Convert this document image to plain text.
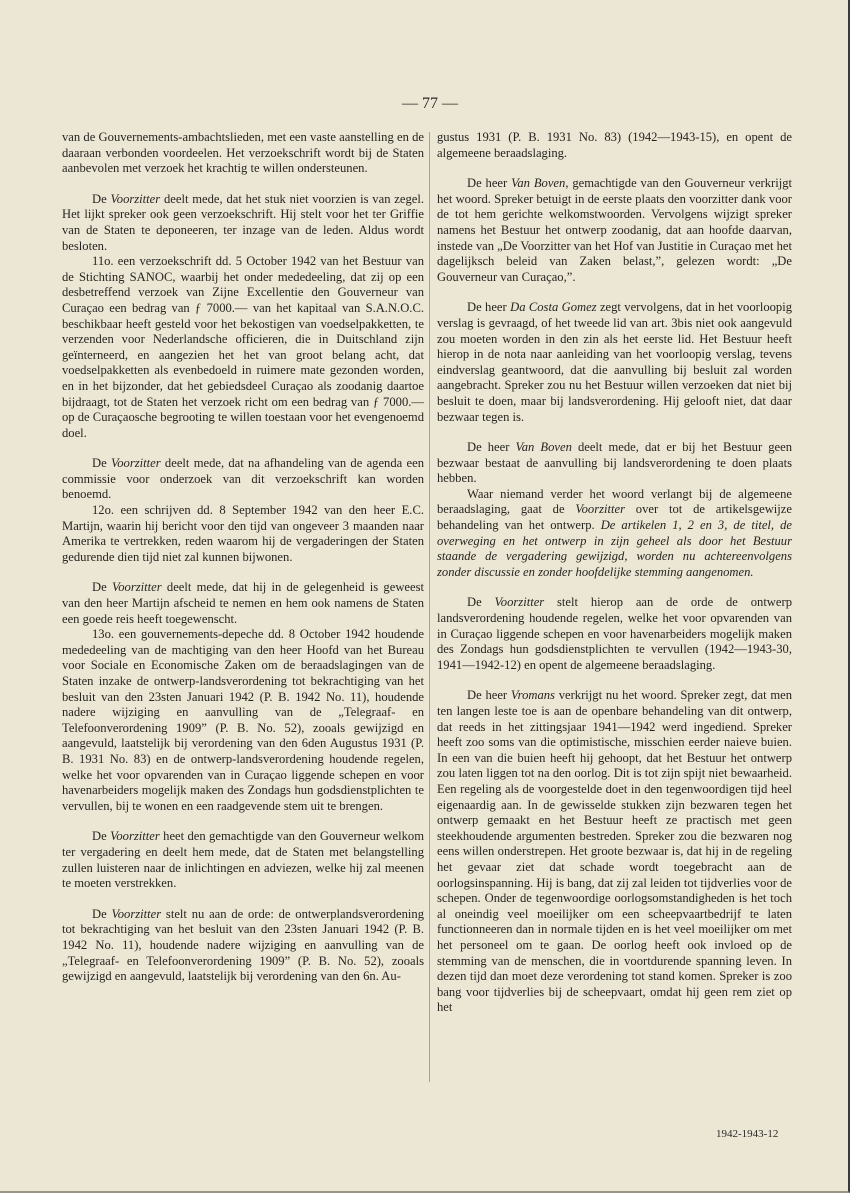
— 77 —

van de Gouvernements-ambachtslieden, met een vaste aanstelling en de daaraan verbonden voordeelen. Het verzoekschrift wordt bij de Staten aanbevolen met verzoek het krachtig te willen ondersteunen.

De Voorzitter deelt mede, dat het stuk niet voorzien is van zegel. Het lijkt spreker ook geen verzoekschrift. Hij stelt voor het ter Griffie van de Staten te deponeeren, ter inzage van de leden. Aldus wordt besloten.

11o. een verzoekschrift dd. 5 October 1942 van het Bestuur van de Stichting SANOC, waarbij het onder mededeeling, dat zij op een desbetreffend verzoek van Zijne Excellentie den Gouverneur van Curaçao een bedrag van ƒ 7000.— van het kapitaal van S.A.N.O.C. beschikbaar heeft gesteld voor het bekostigen van voedselpakketten, te verzenden voor Nederlandsche officieren, die in Duitschland zijn geïnterneerd, en aangezien het het van groot belang acht, dat voedselpakketten als evenbedoeld in ruimere mate gezonden worden, en in het bijzonder, dat het gebiedsdeel Curaçao als zoodanig daartoe bijdraagt, tot de Staten het verzoek richt om een bedrag van ƒ 7000.— op de Curaçaosche begrooting te willen toestaan voor het evengenoemd doel.

De Voorzitter deelt mede, dat na afhandeling van de agenda een commissie voor onderzoek van dit verzoekschrift kan worden benoemd.

12o. een schrijven dd. 8 September 1942 van den heer E.C. Martijn, waarin hij bericht voor den tijd van ongeveer 3 maanden naar Amerika te vertrekken, reden waarom hij de vergaderingen der Staten gedurende dien tijd niet zal kunnen bijwonen.

De Voorzitter deelt mede, dat hij in de gelegenheid is geweest van den heer Martijn afscheid te nemen en hem ook namens de Staten een goede reis heeft toegewenscht.

13o. een gouvernements-depeche dd. 8 October 1942 houdende mededeeling van de machtiging van den heer Hoofd van het Bureau voor Sociale en Economische Zaken om de beraadslagingen van de Staten inzake de ontwerp-landsverordening tot bekrachtiging van het besluit van den 23sten Januari 1942 (P. B. 1942 No. 11), houdende nadere wijziging en aanvulling van de „Telegraaf- en Telefoonverordening 1909” (P. B. No. 52), zooals gewijzigd en aangevuld, laatstelijk bij verordening van den 6den Augustus 1931 (P. B. 1931 No. 83) en de ontwerp-landsverordening houdende regelen, welke het voor opvarenden van in Curaçao liggende schepen en voor havenarbeiders mogelijk maken des Zondags hun godsdienstplichten te vervullen, bij te wonen en een raadgevende stem uit te brengen.

De Voorzitter heet den gemachtigde van den Gouverneur welkom ter vergadering en deelt hem mede, dat de Staten met belangstelling zullen luisteren naar de inlichtingen en adviezen, welke hij zal meenen te moeten verstrekken.

De Voorzitter stelt nu aan de orde: de ontwerplandsverordening tot bekrachtiging van het besluit van den 23sten Januari 1942 (P. B. 1942 No. 11), houdende nadere wijziging en aanvulling van de „Telegraaf- en Telefoonverordening 1909” (P. B. No. 52), zooals gewijzigd en aangevuld, laatstelijk bij verordening van den 6n. Au-

gustus 1931 (P. B. 1931 No. 83) (1942—1943-15), en opent de algemeene beraadslaging.

De heer Van Boven, gemachtigde van den Gouverneur verkrijgt het woord. Spreker betuigt in de eerste plaats den voorzitter dank voor de tot hem gerichte welkomstwoorden. Vervolgens wijzigt spreker namens het Bestuur het ontwerp zoodanig, dat aan hoofde daarvan, instede van „De Voorzitter van het Hof van Justitie in Curaçao met het dagelijksch beleid van Zaken belast,”, gelezen wordt: „De Gouverneur van Curaçao,”.

De heer Da Costa Gomez zegt vervolgens, dat in het voorloopig verslag is gevraagd, of het tweede lid van art. 3bis niet ook aangevuld zou moeten worden in den zin als het eerste lid. Het Bestuur heeft hierop in de nota naar aanleiding van het voorloopig verslag, tevens eindverslag geantwoord, dat die aanvulling bij besluit zal worden aangebracht. Spreker zou nu het Bestuur willen verzoeken dat niet bij besluit te doen, maar bij landsverordening. Hij gelooft niet, dat daar bezwaar tegen is.

De heer Van Boven deelt mede, dat er bij het Bestuur geen bezwaar bestaat de aanvulling bij landsverordening te doen plaats hebben.

Waar niemand verder het woord verlangt bij de algemeene beraadslaging, gaat de Voorzitter over tot de artikelsgewijze behandeling van het ontwerp. De artikelen 1, 2 en 3, de titel, de overweging en het ontwerp in zijn geheel als door het Bestuur staande de vergadering gewijzigd, worden nu achtereenvolgens zonder discussie en zonder hoofdelijke stemming aangenomen.

De Voorzitter stelt hierop aan de orde de ontwerp landsverordening houdende regelen, welke het voor opvarenden van in Curaçao liggende schepen en voor havenarbeiders mogelijk maken des Zondags hun godsdienstplichten te vervullen (1942—1943-30, 1941—1942-12) en opent de algemeene beraadslaging.

De heer Vromans verkrijgt nu het woord. Spreker zegt, dat men ten langen leste toe is aan de openbare behandeling van dit ontwerp, dat reeds in het zittingsjaar 1941—1942 werd ingediend. Spreker heeft zoo soms van die optimistische, misschien eerder naieve buien. In een van die buien heeft hij gehoopt, dat het Bestuur het ontwerp zou laten liggen tot na den oorlog. Dit is tot zijn spijt niet bewaarheid. Een regeling als de voorgestelde doet in den tegenwoordigen tijd heel eigenaardig aan. In de gewisselde stukken zijn bezwaren tegen het ontwerp gemaakt en het Bestuur heeft ze practisch met geen steekhoudende argumenten bestreden. Spreker zou die bezwaren nog eens willen onderstrepen. Het groote bezwaar is, dat hij in de regeling het gevaar ziet dat schade wordt toegebracht aan de oorlogsinspanning. Hij is bang, dat zij zal leiden tot tijdverlies voor de schepen. Onder de tegenwoordige oorlogsomstandigheden is het toch al oneindig veel moeilijker om een scheepvaartbedrijf te laten functionneeren dan in normale tijden en is het veel moeilijker om met het personeel om te gaan. De oorlog heeft ook invloed op de stemming van de menschen, die in voortdurende spanning leven. In dezen tijd dan moet deze verordening tot stand komen. Spreker is zoo bang voor tijdverlies bij de scheepvaart, omdat hij geen rem ziet op het

1942-1943-12
